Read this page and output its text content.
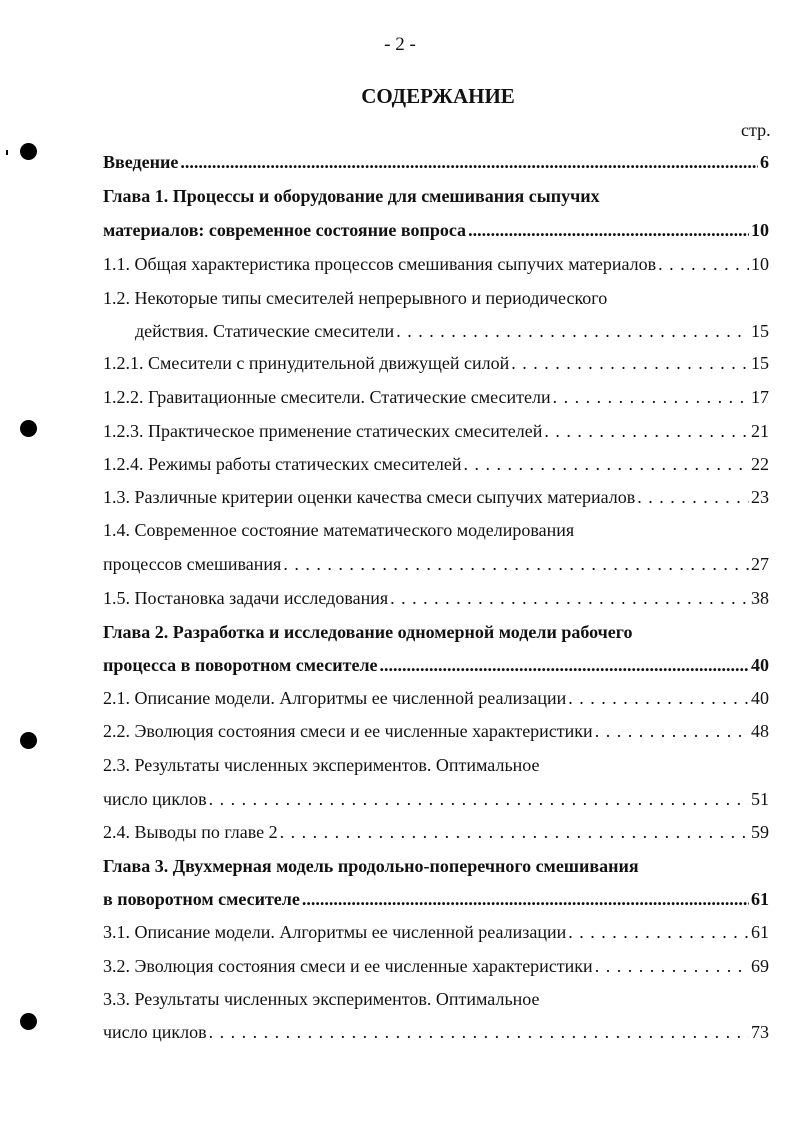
- 2 -
СОДЕРЖАНИЕ
стр.
Введение .....	6
Глава 1. Процессы и оборудование для смешивания сыпучих
материалов: современное состояние вопроса .....	10
1.1. Общая характеристика процессов смешивания сыпучих материалов . . .	10
1.2. Некоторые типы смесителей непрерывного и периодического
действия. Статические смесители . . .	15
1.2.1. Смесители с принудительной движущей силой . . .	15
1.2.2. Гравитационные смесители. Статические смесители . . .	17
1.2.3. Практическое применение статических смесителей . . .	21
1.2.4. Режимы работы статических смесителей . . .	22
1.3. Различные критерии оценки качества смеси сыпучих материалов . . .	23
1.4. Современное состояние математического моделирования
процессов смешивания . . .	27
1.5. Постановка задачи исследования . . .	38
Глава 2. Разработка и исследование одномерной модели рабочего
процесса в поворотном смесителе .....	40
2.1. Описание модели. Алгоритмы ее численной реализации . . .	40
2.2. Эволюция состояния смеси и ее численные характеристики . . .	48
2.3. Результаты численных экспериментов. Оптимальное
число циклов . . .	51
2.4. Выводы по главе 2 . . .	59
Глава 3. Двухмерная модель продольно-поперечного смешивания
в поворотном смесителе .....	61
3.1. Описание модели. Алгоритмы ее численной реализации . . .	61
3.2. Эволюция состояния смеси и ее численные характеристики . . .	69
3.3. Результаты численных экспериментов. Оптимальное
число циклов . . .	73
